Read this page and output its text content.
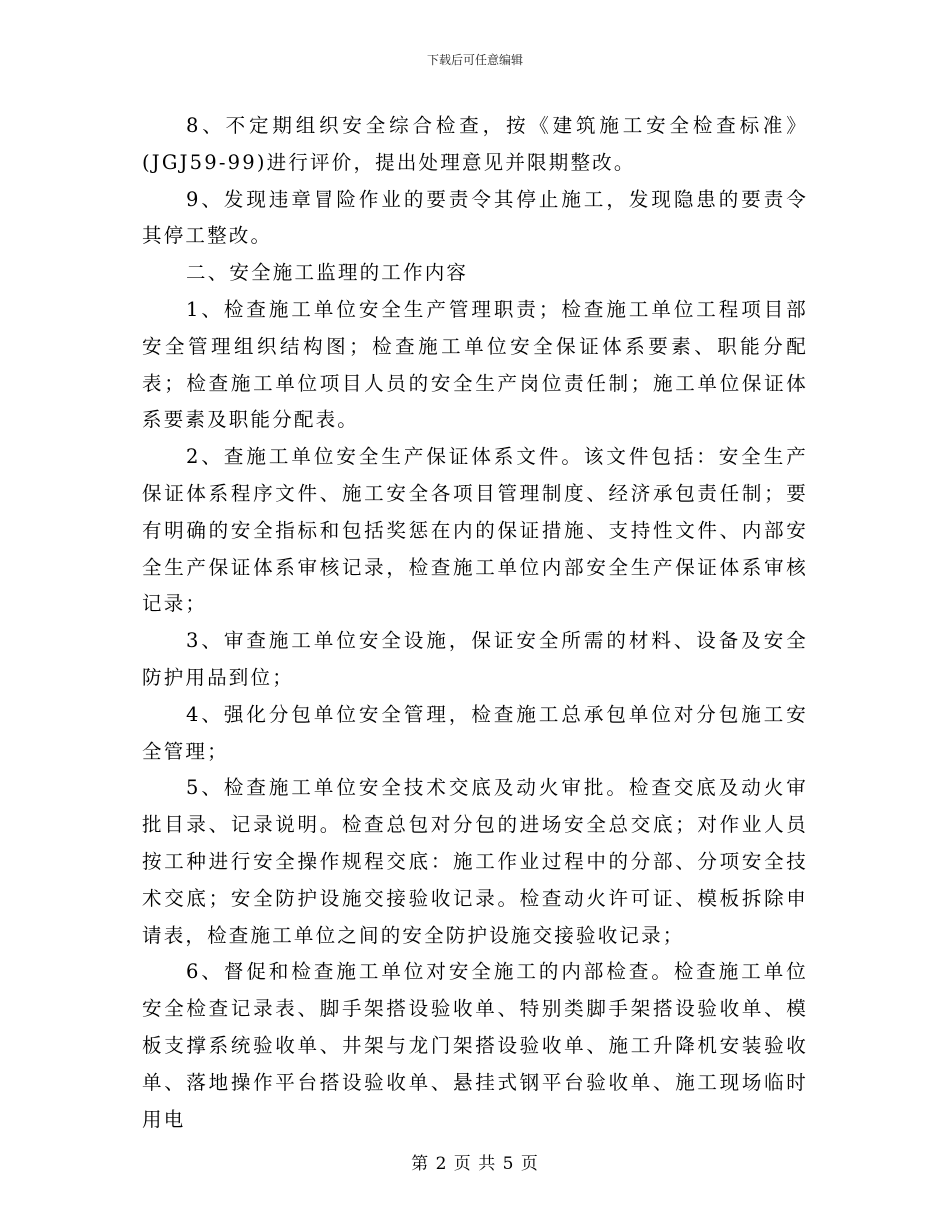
下载后可任意编辑

8、不定期组织安全综合检查，按《建筑施工安全检查标准》(JGJ59-99)进行评价，提出处理意见并限期整改。

9、发现违章冒险作业的要责令其停止施工，发现隐患的要责令其停工整改。

二、安全施工监理的工作内容

1、检查施工单位安全生产管理职责；检查施工单位工程项目部安全管理组织结构图；检查施工单位安全保证体系要素、职能分配表；检查施工单位项目人员的安全生产岗位责任制；施工单位保证体系要素及职能分配表。

2、查施工单位安全生产保证体系文件。该文件包括：安全生产保证体系程序文件、施工安全各项目管理制度、经济承包责任制；要有明确的安全指标和包括奖惩在内的保证措施、支持性文件、内部安全生产保证体系审核记录，检查施工单位内部安全生产保证体系审核记录；

3、审查施工单位安全设施，保证安全所需的材料、设备及安全防护用品到位；

4、强化分包单位安全管理，检查施工总承包单位对分包施工安全管理；

5、检查施工单位安全技术交底及动火审批。检查交底及动火审批目录、记录说明。检查总包对分包的进场安全总交底；对作业人员按工种进行安全操作规程交底：施工作业过程中的分部、分项安全技术交底；安全防护设施交接验收记录。检查动火许可证、模板拆除申请表，检查施工单位之间的安全防护设施交接验收记录；

6、督促和检查施工单位对安全施工的内部检查。检查施工单位安全检查记录表、脚手架搭设验收单、特别类脚手架搭设验收单、模板支撑系统验收单、井架与龙门架搭设验收单、施工升降机安装验收单、落地操作平台搭设验收单、悬挂式钢平台验收单、施工现场临时用电

第 2 页 共 5 页
